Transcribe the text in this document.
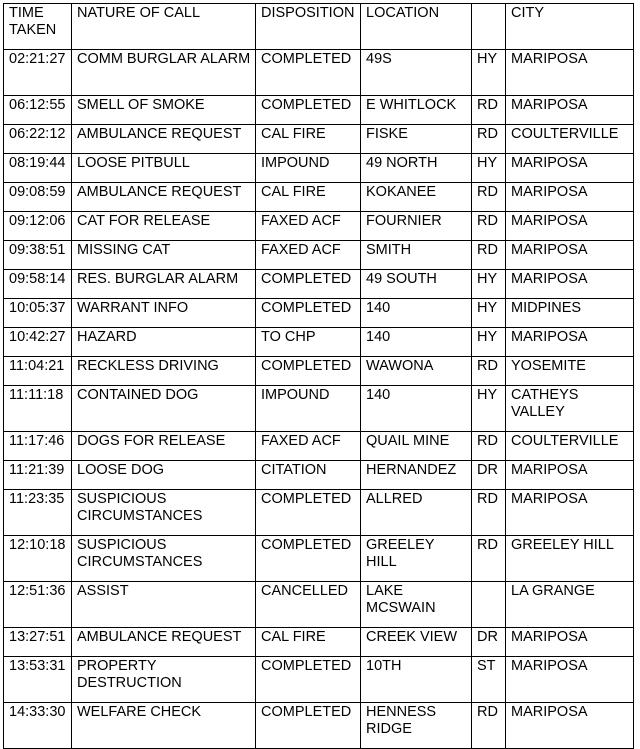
TIME TAKEN	NATURE OF CALL	DISPOSITION	LOCATION		CITY
02:21:27	COMM BURGLAR ALARM	COMPLETED	49S	HY	MARIPOSA
06:12:55	SMELL OF SMOKE	COMPLETED	E WHITLOCK	RD	MARIPOSA
06:22:12	AMBULANCE REQUEST	CAL FIRE	FISKE	RD	COULTERVILLE
08:19:44	LOOSE PITBULL	IMPOUND	49 NORTH	HY	MARIPOSA
09:08:59	AMBULANCE REQUEST	CAL FIRE	KOKANEE	RD	MARIPOSA
09:12:06	CAT FOR RELEASE	FAXED ACF	FOURNIER	RD	MARIPOSA
09:38:51	MISSING CAT	FAXED ACF	SMITH	RD	MARIPOSA
09:58:14	RES. BURGLAR ALARM	COMPLETED	49 SOUTH	HY	MARIPOSA
10:05:37	WARRANT INFO	COMPLETED	140	HY	MIDPINES
10:42:27	HAZARD	TO CHP	140	HY	MARIPOSA
11:04:21	RECKLESS DRIVING	COMPLETED	WAWONA	RD	YOSEMITE
11:11:18	CONTAINED DOG	IMPOUND	140	HY	CATHEYS VALLEY
11:17:46	DOGS FOR RELEASE	FAXED ACF	QUAIL MINE	RD	COULTERVILLE
11:21:39	LOOSE DOG	CITATION	HERNANDEZ	DR	MARIPOSA
11:23:35	SUSPICIOUS CIRCUMSTANCES	COMPLETED	ALLRED	RD	MARIPOSA
12:10:18	SUSPICIOUS CIRCUMSTANCES	COMPLETED	GREELEY HILL	RD	GREELEY HILL
12:51:36	ASSIST	CANCELLED	LAKE MCSWAIN		LA GRANGE
13:27:51	AMBULANCE REQUEST	CAL FIRE	CREEK VIEW	DR	MARIPOSA
13:53:31	PROPERTY DESTRUCTION	COMPLETED	10TH	ST	MARIPOSA
14:33:30	WELFARE CHECK	COMPLETED	HENNESS RIDGE	RD	MARIPOSA
